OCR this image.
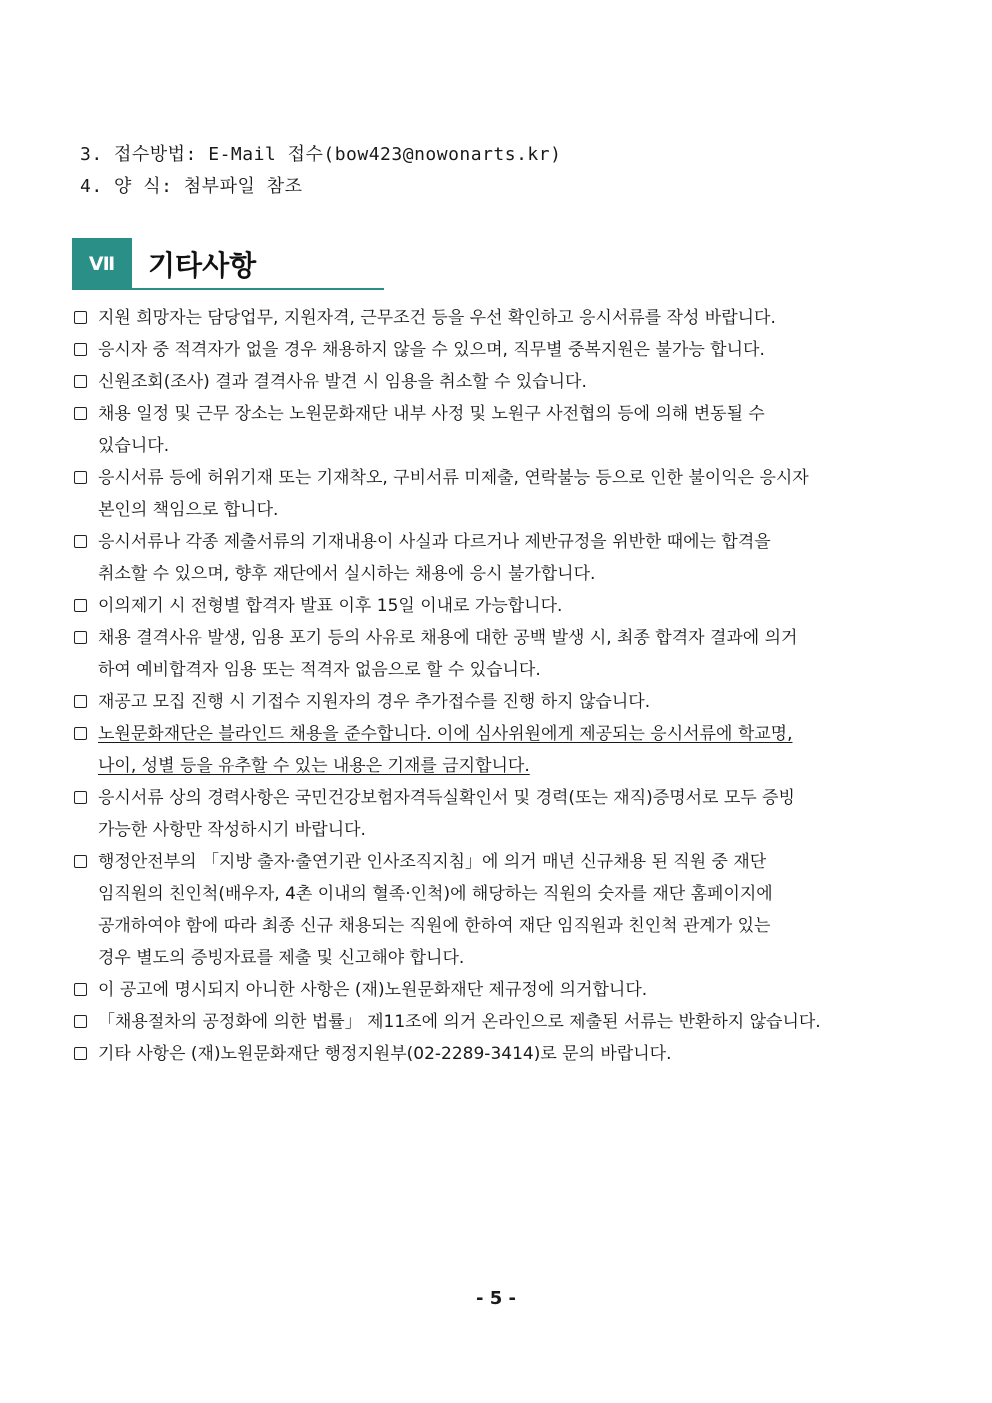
3. 접수방법: E-Mail 접수(bow423@nowonarts.kr)
4. 양 식: 첨부파일 참조
Ⅶ	기타사항
지원 희망자는 담당업무, 지원자격, 근무조건 등을 우선 확인하고 응시서류를 작성 바랍니다.
응시자 중 적격자가 없을 경우 채용하지 않을 수 있으며, 직무별 중복지원은 불가능 합니다.
신원조회(조사) 결과 결격사유 발견 시 임용을 취소할 수 있습니다.
채용 일정 및 근무 장소는 노원문화재단 내부 사정 및 노원구 사전협의 등에 의해 변동될 수
있습니다.
응시서류 등에 허위기재 또는 기재착오, 구비서류 미제출, 연락불능 등으로 인한 불이익은 응시자
본인의 책임으로 합니다.
응시서류나 각종 제출서류의 기재내용이 사실과 다르거나 제반규정을 위반한 때에는 합격을
취소할 수 있으며, 향후 재단에서 실시하는 채용에 응시 불가합니다.
이의제기 시 전형별 합격자 발표 이후 15일 이내로 가능합니다.
채용 결격사유 발생, 임용 포기 등의 사유로 채용에 대한 공백 발생 시, 최종 합격자 결과에 의거
하여 예비합격자 임용 또는 적격자 없음으로 할 수 있습니다.
재공고 모집 진행 시 기접수 지원자의 경우 추가접수를 진행 하지 않습니다.
노원문화재단은 블라인드 채용을 준수합니다. 이에 심사위원에게 제공되는 응시서류에 학교명,
나이, 성별 등을 유추할 수 있는 내용은 기재를 금지합니다.
응시서류 상의 경력사항은 국민건강보험자격득실확인서 및 경력(또는 재직)증명서로 모두 증빙
가능한 사항만 작성하시기 바랍니다.
행정안전부의 「지방 출자·출연기관 인사조직지침」에 의거 매년 신규채용 된 직원 중 재단
임직원의 친인척(배우자, 4촌 이내의 혈족·인척)에 해당하는 직원의 숫자를 재단 홈페이지에
공개하여야 함에 따라 최종 신규 채용되는 직원에 한하여 재단 임직원과 친인척 관계가 있는
경우 별도의 증빙자료를 제출 및 신고해야 합니다.
이 공고에 명시되지 아니한 사항은 (재)노원문화재단 제규정에 의거합니다.
「채용절차의 공정화에 의한 법률」 제11조에 의거 온라인으로 제출된 서류는 반환하지 않습니다.
기타 사항은 (재)노원문화재단 행정지원부(02-2289-3414)로 문의 바랍니다.
- 5 -
